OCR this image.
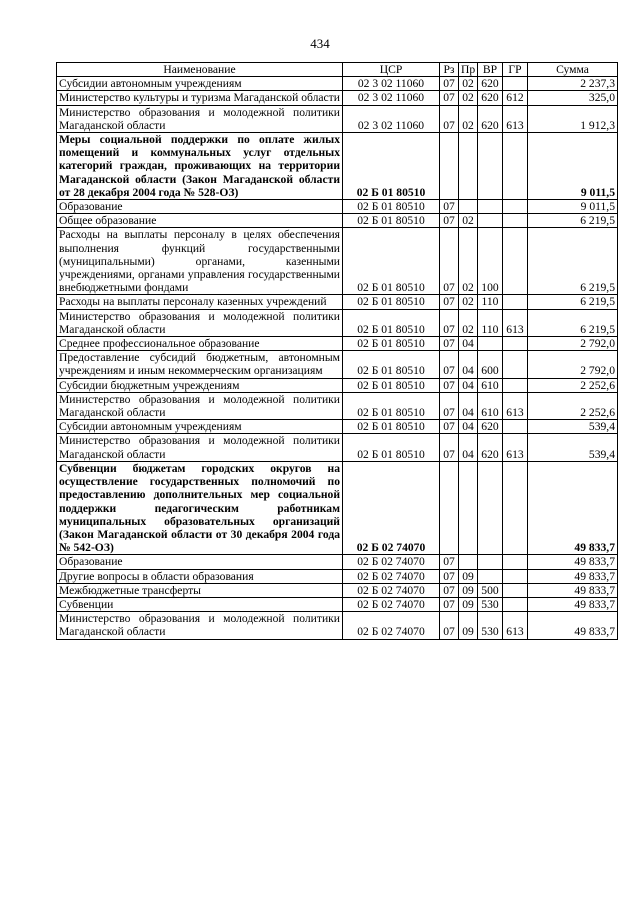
434
Наименование	ЦСР	Рз	Пр	ВР	ГР	Сумма
Субсидии автономным учреждениям	02 3 02 11060	07	02	620		2 237,3
Министерство культуры и туризма Магаданской области	02 3 02 11060	07	02	620	612	325,0
Министерство образования и молодежной политики Магаданской области	02 3 02 11060	07	02	620	613	1 912,3
Меры социальной поддержки по оплате жилых помещений и коммунальных услуг отдельных категорий граждан, проживающих на территории Магаданской области (Закон Магаданской области от 28 декабря 2004 года № 528-ОЗ)	02 Б 01 80510					9 011,5
Образование	02 Б 01 80510	07				9 011,5
Общее образование	02 Б 01 80510	07	02			6 219,5
Расходы на выплаты персоналу в целях обеспечения выполнения функций государственными (муниципальными) органами, казенными учреждениями, органами управления государственными внебюджетными фондами	02 Б 01 80510	07	02	100		6 219,5
Расходы на выплаты персоналу казенных учреждений	02 Б 01 80510	07	02	110		6 219,5
Министерство образования и молодежной политики Магаданской области	02 Б 01 80510	07	02	110	613	6 219,5
Среднее профессиональное образование	02 Б 01 80510	07	04			2 792,0
Предоставление субсидий бюджетным, автономным учреждениям и иным некоммерческим организациям	02 Б 01 80510	07	04	600		2 792,0
Субсидии бюджетным учреждениям	02 Б 01 80510	07	04	610		2 252,6
Министерство образования и молодежной политики Магаданской области	02 Б 01 80510	07	04	610	613	2 252,6
Субсидии автономным учреждениям	02 Б 01 80510	07	04	620		539,4
Министерство образования и молодежной политики Магаданской области	02 Б 01 80510	07	04	620	613	539,4
Субвенции бюджетам городских округов на осуществление государственных полномочий по предоставлению дополнительных мер социальной поддержки педагогическим работникам муниципальных образовательных организаций (Закон Магаданской области от 30 декабря 2004 года № 542-ОЗ)	02 Б 02 74070					49 833,7
Образование	02 Б 02 74070	07				49 833,7
Другие вопросы в области образования	02 Б 02 74070	07	09			49 833,7
Межбюджетные трансферты	02 Б 02 74070	07	09	500		49 833,7
Субвенции	02 Б 02 74070	07	09	530		49 833,7
Министерство образования и молодежной политики Магаданской области	02 Б 02 74070	07	09	530	613	49 833,7
